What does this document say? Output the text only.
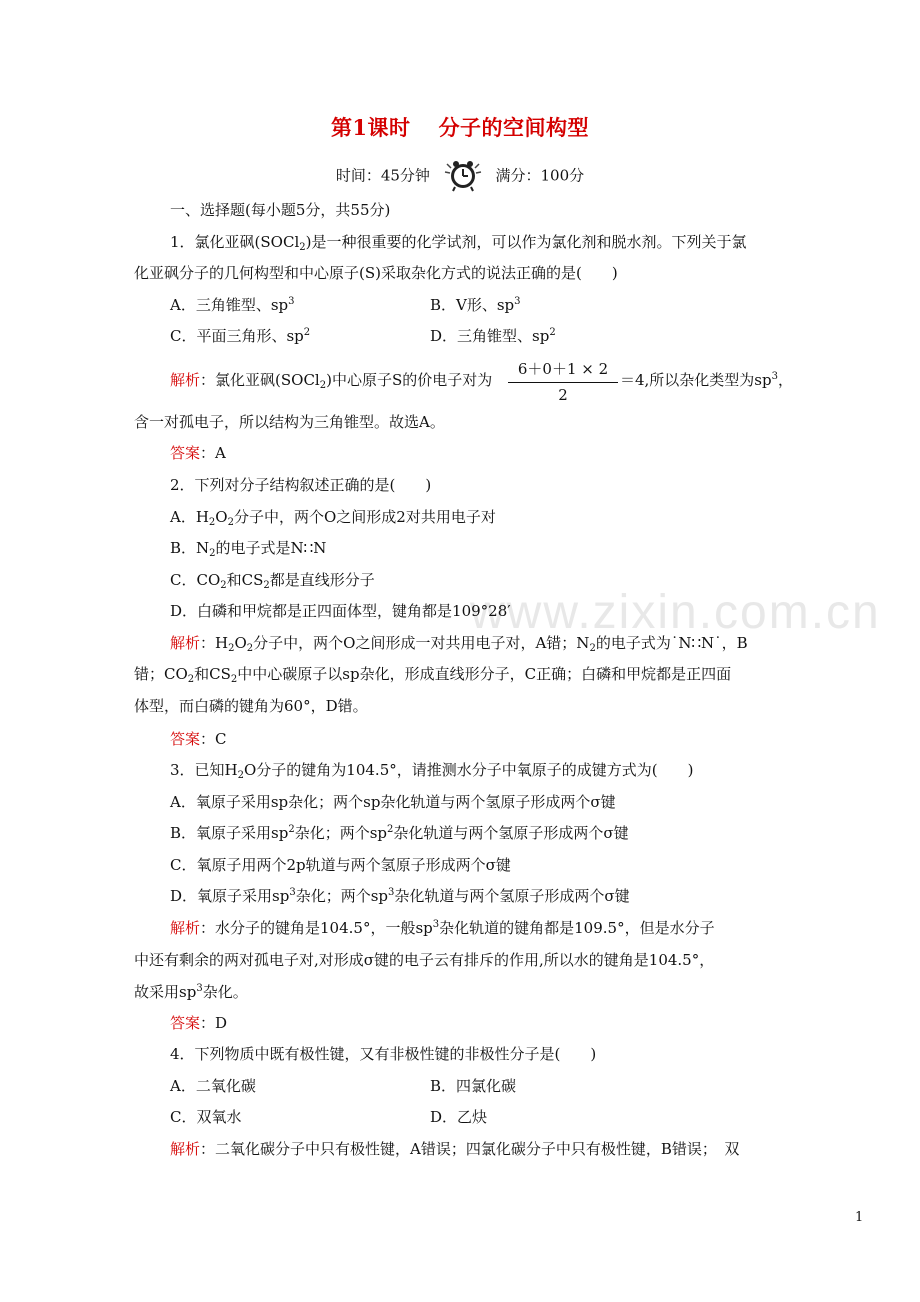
第1课时 分子的空间构型
时间：45分钟	满分：100分
www.zixin.com.cn
一、选择题(每小题5分，共55分)
1．氯化亚砜(SOCl$_2$)是一种很重要的化学试剂，可以作为氯化剂和脱水剂。下列关于氯
化亚砜分子的几何构型和中心原子(S)采取杂化方式的说法正确的是(　　)
A．三角锥型、$sp^3$	B．V形、$sp^3$
C．平面三角形、$sp^2$	D．三角锥型、$sp^2$
解析：氯化亚砜(SOCl$_2$)中心原子S的价电子对为
6＋0＋1 × 2
2
＝4,所以杂化类型为$sp^3$，
含一对孤电子，所以结构为三角锥型。故选A。
答案：A
2．下列对分子结构叙述正确的是(　　)
A．$H_2O_2$分子中，两个O之间形成2对共用电子对
B．$N_2$的电子式是N∷N
C．$CO_2$和$CS_2$都是直线形分子
D．白磷和甲烷都是正四面体型，键角都是109°28′
解析：$H_2O_2$分子中，两个O之间形成一对共用电子对，A错；$N_2$的电子式为˙N∷N˙，B
错；$CO_2$和$CS_2$中中心碳原子以sp杂化，形成直线形分子，C正确；白磷和甲烷都是正四面
体型，而白磷的键角为60°，D错。
答案：C
3．已知$H_2O$分子的键角为104.5°，请推测水分子中氧原子的成键方式为(　　)
A．氧原子采用sp杂化；两个sp杂化轨道与两个氢原子形成两个σ键
B．氧原子采用$sp^2$杂化；两个$sp^2$杂化轨道与两个氢原子形成两个σ键
C．氧原子用两个2p轨道与两个氢原子形成两个σ键
D．氧原子采用$sp^3$杂化；两个$sp^3$杂化轨道与两个氢原子形成两个σ键
解析：水分子的键角是104.5°，一般$sp^3$杂化轨道的键角都是109.5°，但是水分子
中还有剩余的两对孤电子对,对形成σ键的电子云有排斥的作用,所以水的键角是104.5°，
故采用$sp^3$杂化。
答案：D
4．下列物质中既有极性键，又有非极性键的非极性分子是(　　)
A．二氧化碳	B．四氯化碳
C．双氧水	D．乙炔
解析：二氧化碳分子中只有极性键，A错误；四氯化碳分子中只有极性键，B错误；　双
1
